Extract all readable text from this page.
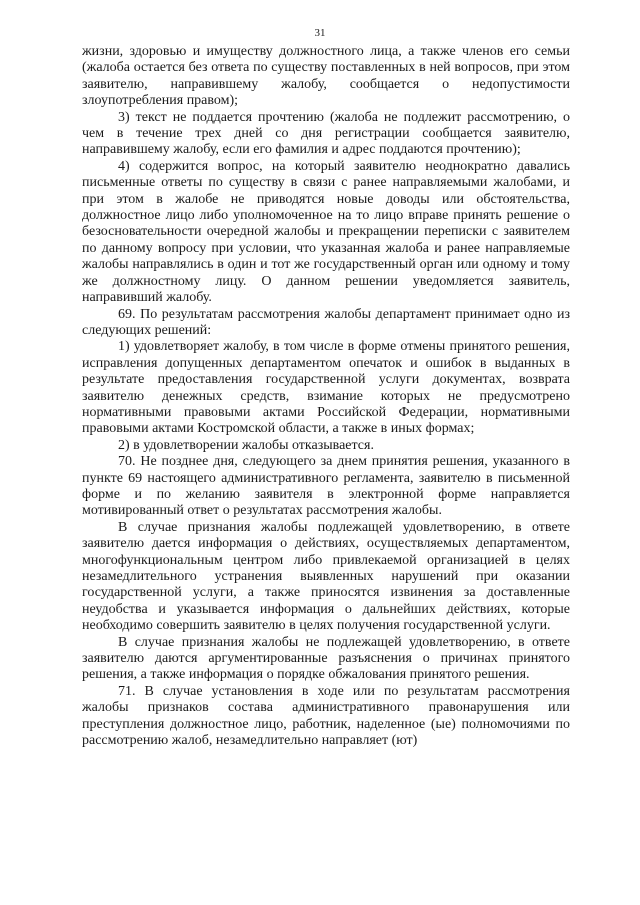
31

жизни, здоровью и имуществу должностного лица, а также членов его семьи (жалоба остается без ответа по существу поставленных в ней вопросов, при этом заявителю, направившему жалобу, сообщается о недопустимости злоупотребления правом);

3) текст не поддается прочтению (жалоба не подлежит рассмотрению, о чем в течение трех дней со дня регистрации сообщается заявителю, направившему жалобу, если его фамилия и адрес поддаются прочтению);

4) содержится вопрос, на который заявителю неоднократно давались письменные ответы по существу в связи с ранее направляемыми жалобами, и при этом в жалобе не приводятся новые доводы или обстоятельства, должностное лицо либо уполномоченное на то лицо вправе принять решение о безосновательности очередной жалобы и прекращении переписки с заявителем по данному вопросу при условии, что указанная жалоба и ранее направляемые жалобы направлялись в один и тот же государственный орган или одному и тому же должностному лицу. О данном решении уведомляется заявитель, направивший жалобу.

69. По результатам рассмотрения жалобы департамент принимает одно из следующих решений:

1) удовлетворяет жалобу, в том числе в форме отмены принятого решения, исправления допущенных департаментом опечаток и ошибок в выданных в результате предоставления государственной услуги документах, возврата заявителю денежных средств, взимание которых не предусмотрено нормативными правовыми актами Российской Федерации, нормативными правовыми актами Костромской области, а также в иных формах;

2) в удовлетворении жалобы отказывается.

70. Не позднее дня, следующего за днем принятия решения, указанного в пункте 69 настоящего административного регламента, заявителю в письменной форме и по желанию заявителя в электронной форме направляется мотивированный ответ о результатах рассмотрения жалобы.

В случае признания жалобы подлежащей удовлетворению, в ответе заявителю дается информация о действиях, осуществляемых департаментом, многофункциональным центром либо привлекаемой организацией в целях незамедлительного устранения выявленных нарушений при оказании государственной услуги, а также приносятся извинения за доставленные неудобства и указывается информация о дальнейших действиях, которые необходимо совершить заявителю в целях получения государственной услуги.

В случае признания жалобы не подлежащей удовлетворению, в ответе заявителю даются аргументированные разъяснения о причинах принятого решения, а также информация о порядке обжалования принятого решения.

71. В случае установления в ходе или по результатам рассмотрения жалобы признаков состава административного правонарушения или преступления должностное лицо, работник, наделенное (ые) полномочиями по рассмотрению жалоб, незамедлительно направляет (ют)
